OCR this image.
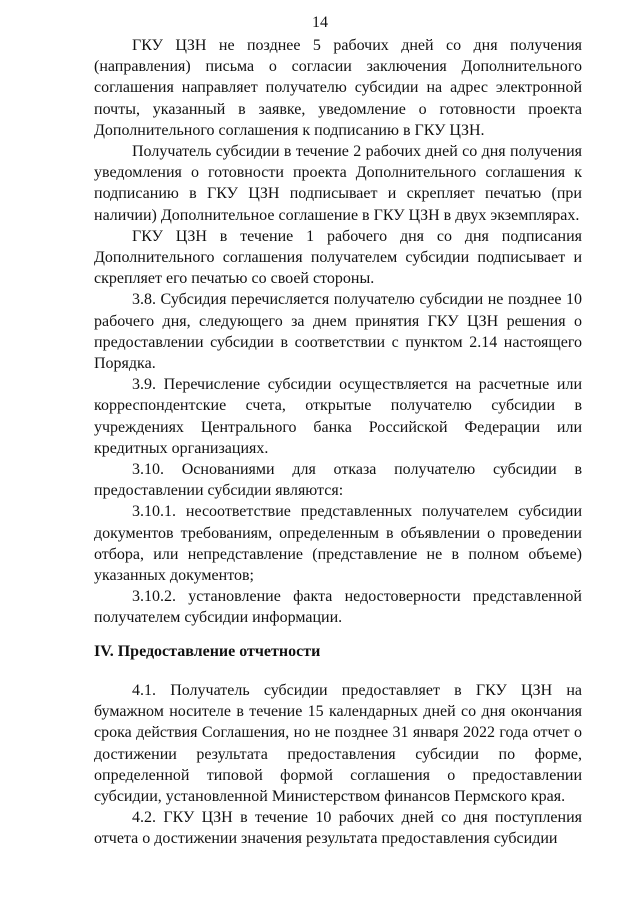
14

ГКУ ЦЗН не позднее 5 рабочих дней со дня получения (направления) письма о согласии заключения Дополнительного соглашения направляет получателю субсидии на адрес электронной почты, указанный в заявке, уведомление о готовности проекта Дополнительного соглашения к подписанию в ГКУ ЦЗН.

Получатель субсидии в течение 2 рабочих дней со дня получения уведомления о готовности проекта Дополнительного соглашения к подписанию в ГКУ ЦЗН подписывает и скрепляет печатью (при наличии) Дополнительное соглашение в ГКУ ЦЗН в двух экземплярах.

ГКУ ЦЗН в течение 1 рабочего дня со дня подписания Дополнительного соглашения получателем субсидии подписывает и скрепляет его печатью со своей стороны.

3.8. Субсидия перечисляется получателю субсидии не позднее 10 рабочего дня, следующего за днем принятия ГКУ ЦЗН решения о предоставлении субсидии в соответствии с пунктом 2.14 настоящего Порядка.

3.9. Перечисление субсидии осуществляется на расчетные или корреспондентские счета, открытые получателю субсидии в учреждениях Центрального банка Российской Федерации или кредитных организациях.

3.10. Основаниями для отказа получателю субсидии в предоставлении субсидии являются:

3.10.1. несоответствие представленных получателем субсидии документов требованиям, определенным в объявлении о проведении отбора, или непредставление (представление не в полном объеме) указанных документов;

3.10.2. установление факта недостоверности представленной получателем субсидии информации.

IV. Предоставление отчетности

4.1. Получатель субсидии предоставляет в ГКУ ЦЗН на бумажном носителе в течение 15 календарных дней со дня окончания срока действия Соглашения, но не позднее 31 января 2022 года отчет о достижении результата предоставления субсидии по форме, определенной типовой формой соглашения о предоставлении субсидии, установленной Министерством финансов Пермского края.

4.2. ГКУ ЦЗН в течение 10 рабочих дней со дня поступления отчета о достижении значения результата предоставления субсидии
